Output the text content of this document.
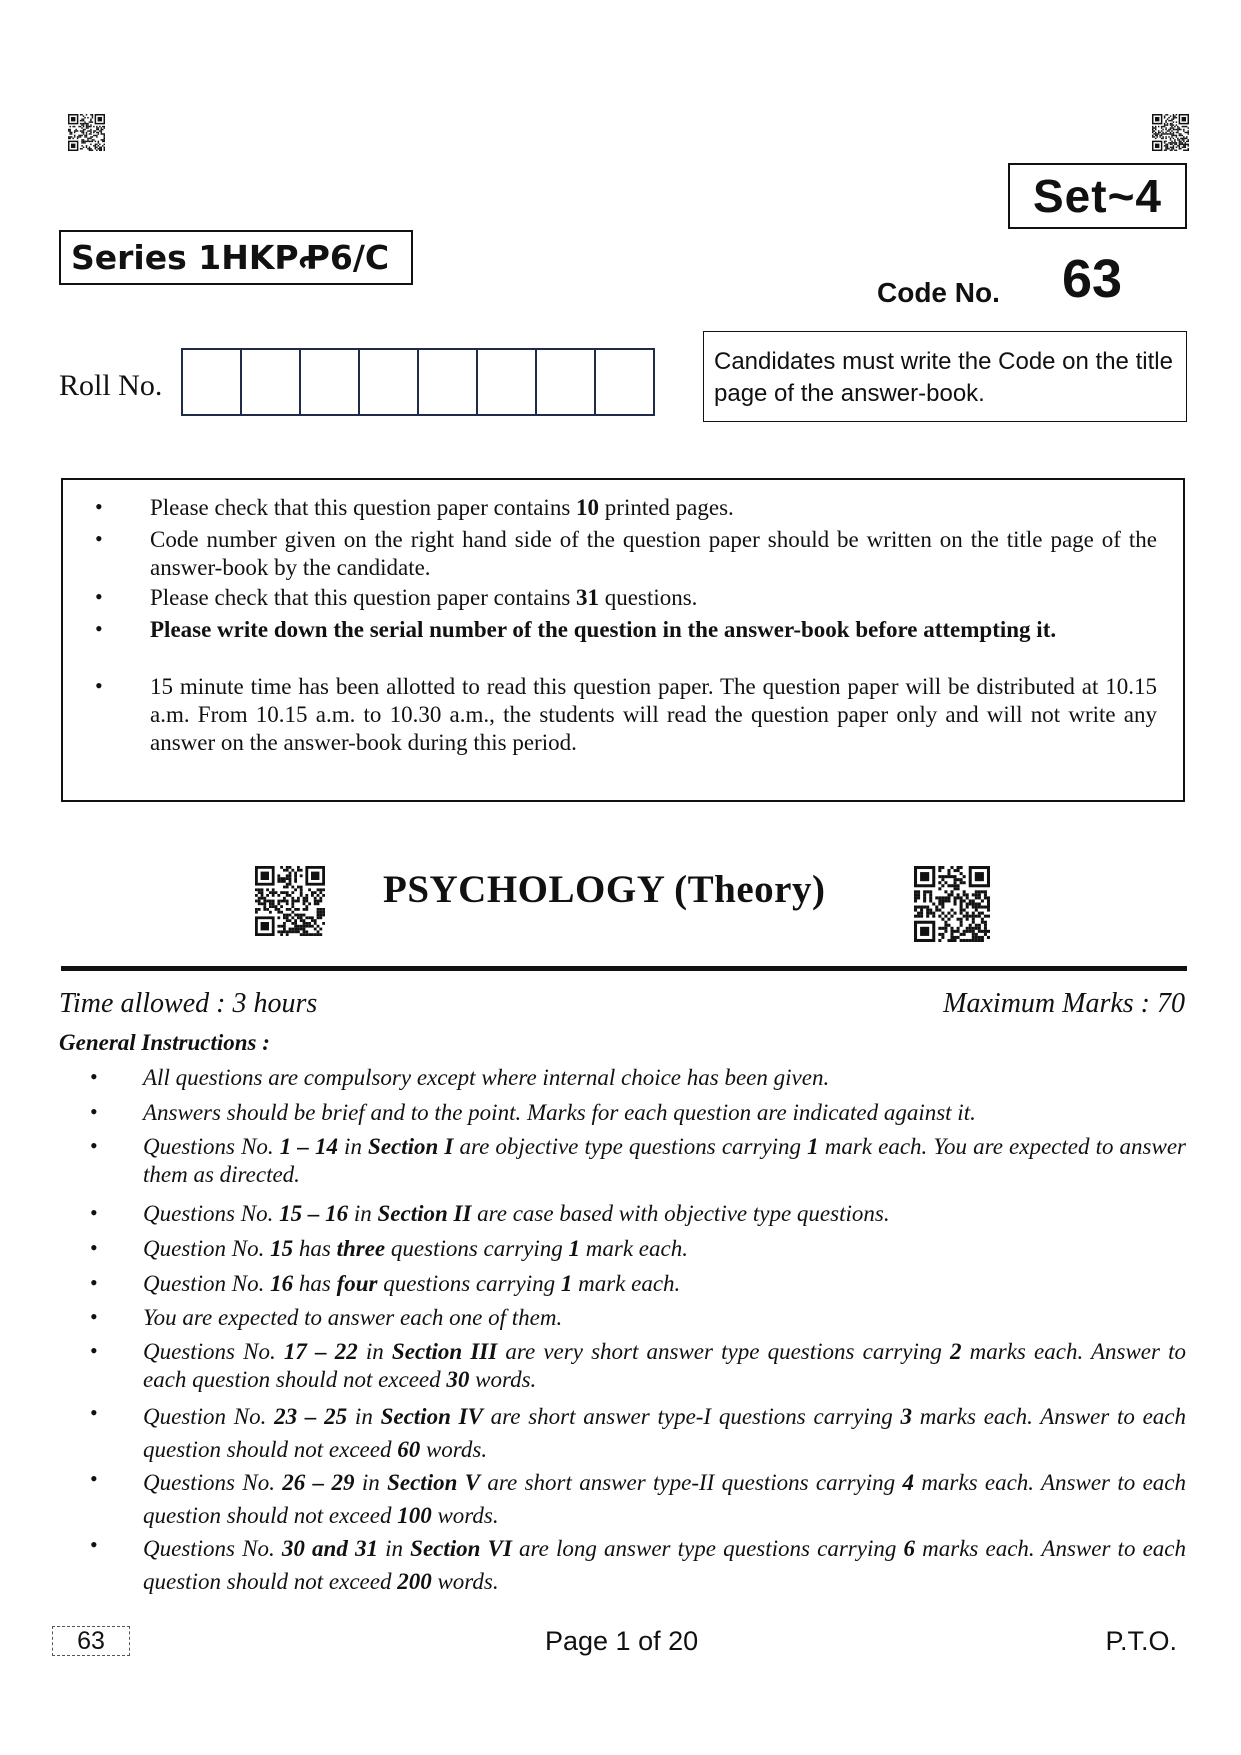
Set~4
Series 1HKPꝒ6/C
Code No. 63
Roll No.
Candidates must write the Code on the title page of the answer-book.
• Please check that this question paper contains 10 printed pages.
• Code number given on the right hand side of the question paper should be written on the title page of the answer-book by the candidate.
• Please check that this question paper contains 31 questions.
• Please write down the serial number of the question in the answer-book before attempting it.
• 15 minute time has been allotted to read this question paper. The question paper will be distributed at 10.15 a.m. From 10.15 a.m. to 10.30 a.m., the students will read the question paper only and will not write any answer on the answer-book during this period.
PSYCHOLOGY (Theory)
Time allowed : 3 hours	Maximum Marks : 70
General Instructions :
• All questions are compulsory except where internal choice has been given.
• Answers should be brief and to the point. Marks for each question are indicated against it.
• Questions No. 1 – 14 in Section I are objective type questions carrying 1 mark each. You are expected to answer them as directed.
• Questions No. 15 – 16 in Section II are case based with objective type questions.
• Question No. 15 has three questions carrying 1 mark each.
• Question No. 16 has four questions carrying 1 mark each.
• You are expected to answer each one of them.
• Questions No. 17 – 22 in Section III are very short answer type questions carrying 2 marks each. Answer to each question should not exceed 30 words.
• Question No. 23 – 25 in Section IV are short answer type-I questions carrying 3 marks each. Answer to each question should not exceed 60 words.
• Questions No. 26 – 29 in Section V are short answer type-II questions carrying 4 marks each. Answer to each question should not exceed 100 words.
• Questions No. 30 and 31 in Section VI are long answer type questions carrying 6 marks each. Answer to each question should not exceed 200 words.
63	Page 1 of 20	P.T.O.
